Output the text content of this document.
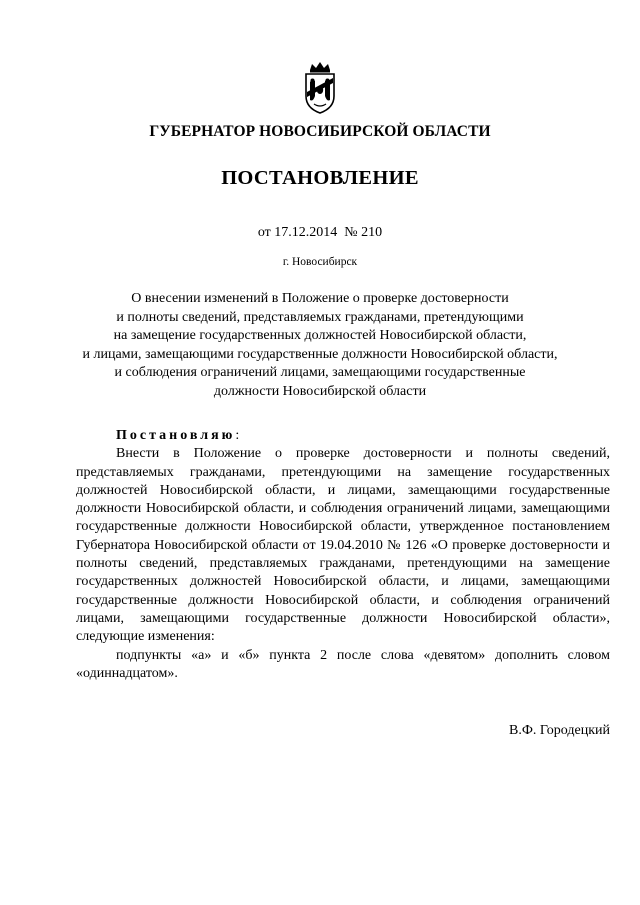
ГУБЕРНАТОР НОВОСИБИРСКОЙ ОБЛАСТИ
ПОСТАНОВЛЕНИЕ
от 17.12.2014  № 210
г. Новосибирск
О внесении изменений в Положение о проверке достоверности
и полноты сведений, представляемых гражданами, претендующими
на замещение государственных должностей Новосибирской области,
и лицами, замещающими государственные должности Новосибирской области,
и соблюдения ограничений лицами, замещающими государственные
должности Новосибирской области

Постановляю:

Внести в Положение о проверке достоверности и полноты сведений, представляемых гражданами, претендующими на замещение государственных должностей Новосибирской области, и лицами, замещающими государственные должности Новосибирской области, и соблюдения ограничений лицами, замещающими государственные должности Новосибирской области, утвержденное постановлением Губернатора Новосибирской области от 19.04.2010 № 126 «О проверке достоверности и полноты сведений, представляемых гражданами, претендующими на замещение государственных должностей Новосибирской области, и лицами, замещающими государственные должности Новосибирской области, и соблюдения ограничений лицами, замещающими государственные должности Новосибирской области», следующие изменения:

подпункты «а» и «б» пункта 2 после слова «девятом» дополнить словом «одиннадцатом».

В.Ф. Городецкий
